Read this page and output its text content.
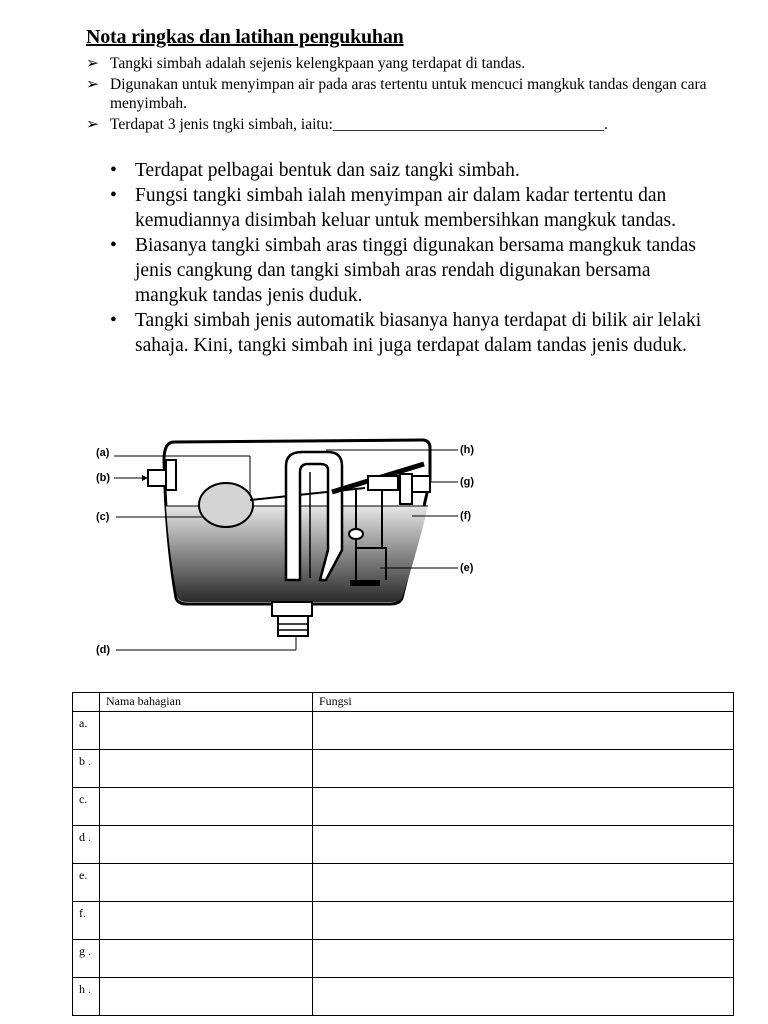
Nota ringkas dan latihan pengukuhan
➢ Tangki simbah adalah sejenis kelengkpaan yang terdapat di tandas.
➢ Digunakan untuk menyimpan air pada aras tertentu untuk mencuci mangkuk tandas dengan cara menyimbah.
➢ Terdapat 3 jenis tngki simbah, iaitu:___________________________________.
• Terdapat pelbagai bentuk dan saiz tangki simbah.
• Fungsi tangki simbah ialah menyimpan air dalam kadar tertentu dan kemudiannya disimbah keluar untuk membersihkan mangkuk tandas.
• Biasanya tangki simbah aras tinggi digunakan bersama mangkuk tandas jenis cangkung dan tangki simbah aras rendah digunakan bersama mangkuk tandas jenis duduk.
• Tangki simbah jenis automatik biasanya hanya terdapat di bilik air lelaki sahaja. Kini, tangki simbah ini juga terdapat dalam tandas jenis duduk.
(a)
(b)
(c)
(d)
(h)
(g)
(f)
(e)
	Nama bahagian	Fungsi
a.		
b .		
c.		
d .		
e.		
f.		
g .		
h .		
